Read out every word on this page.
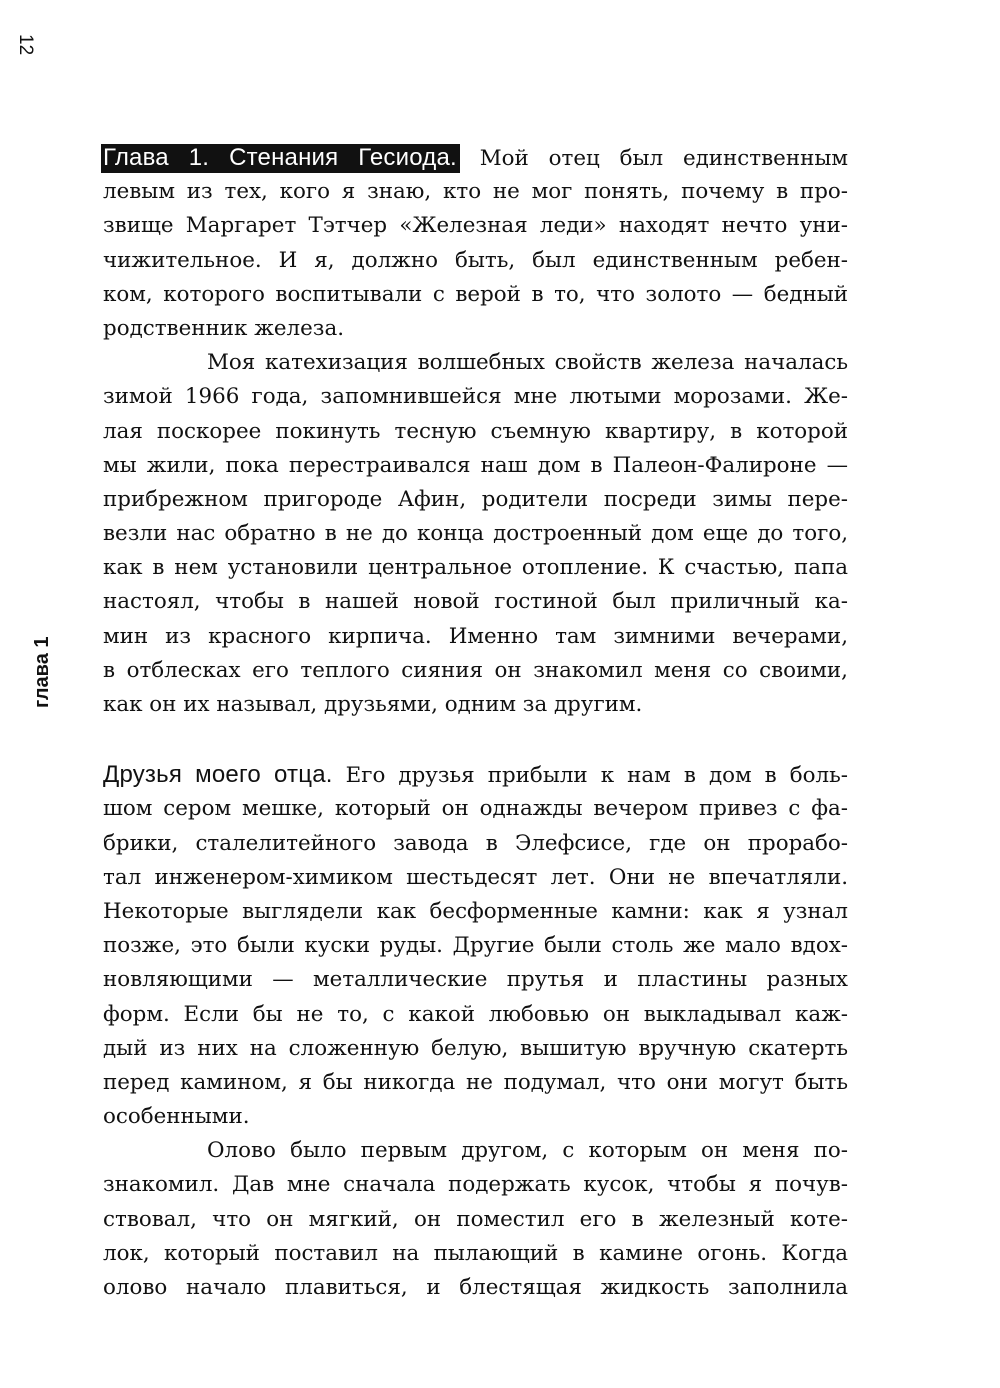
12
глава 1
Глава 1. Стенания Гесиода. Мой отец был единственным
левым из тех, кого я знаю, кто не мог понять, почему в про-
звище Маргарет Тэтчер «Железная леди» находят нечто уни-
чижительное. И я, должно быть, был единственным ребен-
ком, которого воспитывали с верой в то, что золото — бедный
родственник железа.
Моя катехизация волшебных свойств железа началась
зимой 1966 года, запомнившейся мне лютыми морозами. Же-
лая поскорее покинуть тесную съемную квартиру, в которой
мы жили, пока перестраивался наш дом в Палеон-Фалироне —
прибрежном пригороде Афин, родители посреди зимы пере-
везли нас обратно в не до конца достроенный дом еще до того,
как в нем установили центральное отопление. К счастью, папа
настоял, чтобы в нашей новой гостиной был приличный ка-
мин из красного кирпича. Именно там зимними вечерами,
в отблесках его теплого сияния он знакомил меня со своими,
как он их называл, друзьями, одним за другим.
Друзья моего отца. Его друзья прибыли к нам в дом в боль-
шом сером мешке, который он однажды вечером привез с фа-
брики, сталелитейного завода в Элефсисе, где он прорабо-
тал инженером-химиком шестьдесят лет. Они не впечатляли.
Некоторые выглядели как бесформенные камни: как я узнал
позже, это были куски руды. Другие были столь же мало вдох-
новляющими — металлические прутья и пластины разных
форм. Если бы не то, с какой любовью он выкладывал каж-
дый из них на сложенную белую, вышитую вручную скатерть
перед камином, я бы никогда не подумал, что они могут быть
особенными.
Олово было первым другом, с которым он меня по-
знакомил. Дав мне сначала подержать кусок, чтобы я почув-
ствовал, что он мягкий, он поместил его в железный коте-
лок, который поставил на пылающий в камине огонь. Когда
олово начало плавиться, и блестящая жидкость заполнила
